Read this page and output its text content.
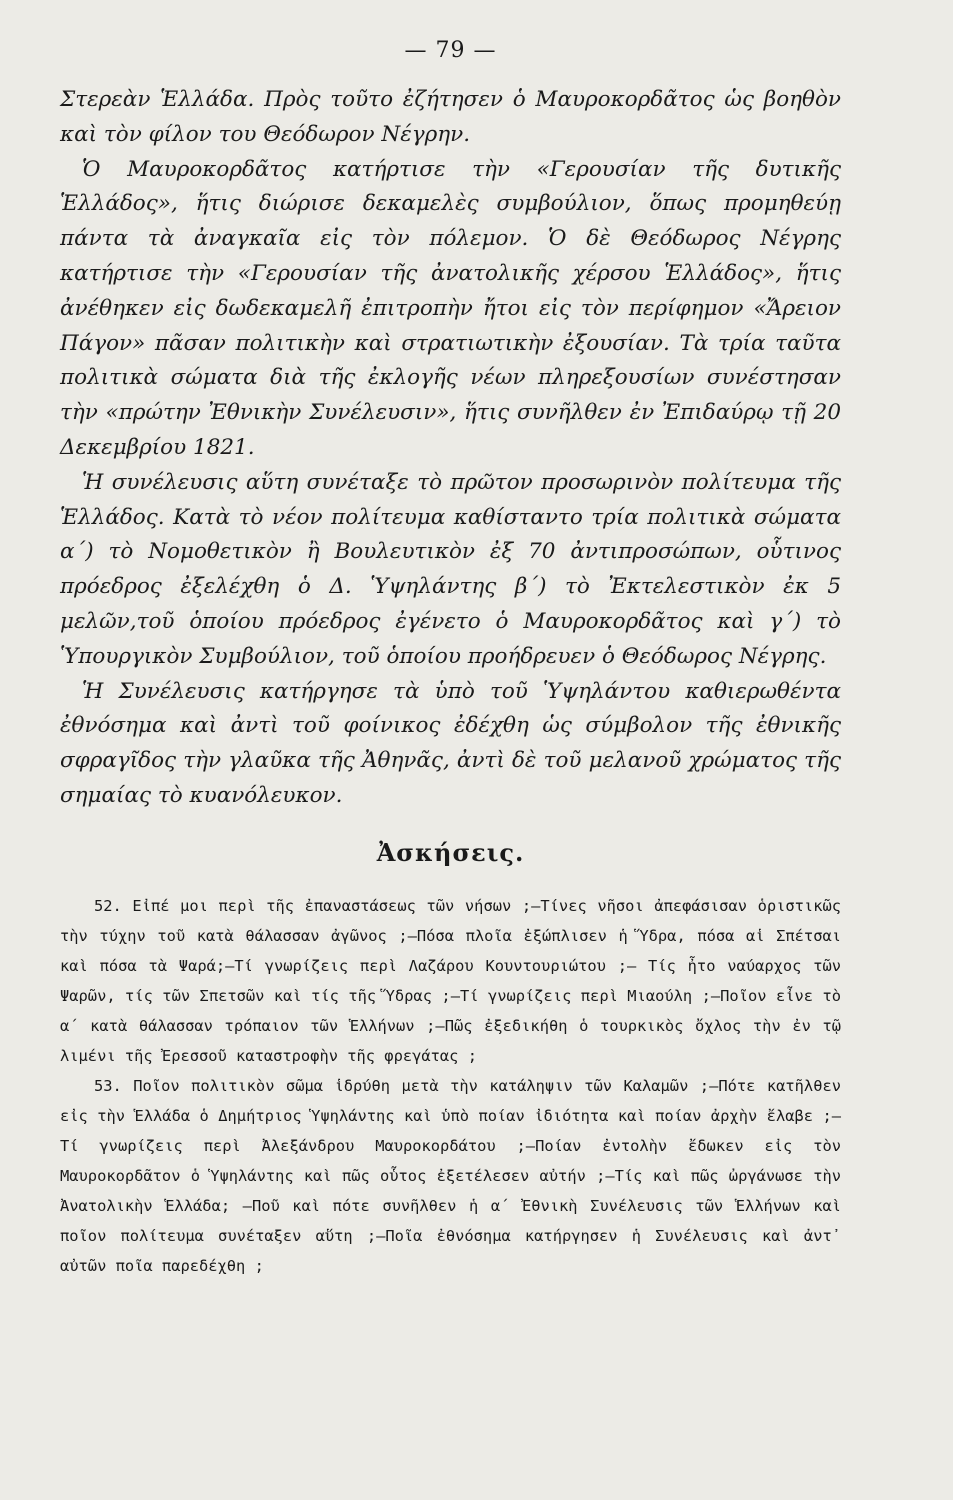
— 79 —
Στερεὰν Ἑλλάδα. Πρὸς τοῦτο ἐζήτησεν ὁ Μαυροκορδᾶτος ὡς βοηθὸν καὶ τὸν φίλον του Θεόδωρον Νέγρην.
Ὁ Μαυροκορδᾶτος κατήρτισε τὴν «Γερουσίαν τῆς δυτικῆς Ἑλλάδος», ἥτις διώρισε δεκαμελὲς συμβούλιον, ὅπως προμηθεύῃ πάντα τὰ ἀναγκαῖα εἰς τὸν πόλεμον. Ὁ δὲ Θεόδωρος Νέγρης κατήρτισε τὴν «Γερουσίαν τῆς ἀνατολικῆς χέρσου Ἑλλάδος», ἥτις ἀνέθηκεν εἰς δωδεκαμελῆ ἐπιτροπὴν ἤτοι εἰς τὸν περίφημον «Ἄρειον Πάγον» πᾶσαν πολιτικὴν καὶ στρατιωτικὴν ἐξουσίαν. Τὰ τρία ταῦτα πολιτικὰ σώματα διὰ τῆς ἐκλογῆς νέων πληρεξουσίων συνέστησαν τὴν «πρώτην Ἐθνικὴν Συνέλευσιν», ἥτις συνῆλθεν ἐν Ἐπιδαύρῳ τῇ 20 Δεκεμβρίου 1821.
Ἡ συνέλευσις αὕτη συνέταξε τὸ πρῶτον προσωρινὸν πολίτευμα τῆς Ἑλλάδος. Κατὰ τὸ νέον πολίτευμα καθίσταντο τρία πολιτικὰ σώματα α΄) τὸ Νομοθετικὸν ἢ Βουλευτικὸν ἐξ 70 ἀντιπροσώπων, οὗτινος πρόεδρος ἐξελέχθη ὁ Δ. Ὑψηλάντης β΄) τὸ Ἐκτελεστικὸν ἐκ 5 μελῶν,τοῦ ὁποίου πρόεδρος ἐγένετο ὁ Μαυροκορδᾶτος καὶ γ΄) τὸ Ὑπουργικὸν Συμβούλιον, τοῦ ὁποίου προήδρευεν ὁ Θεόδωρος Νέγρης.
Ἡ Συνέλευσις κατήργησε τὰ ὑπὸ τοῦ Ὑψηλάντου καθιερωθέντα ἐθνόσημα καὶ ἀντὶ τοῦ φοίνικος ἐδέχθη ὡς σύμβολον τῆς ἐθνικῆς σφραγῖδος τὴν γλαῦκα τῆς Ἀθηνᾶς, ἀντὶ δὲ τοῦ μελανοῦ χρώματος τῆς σημαίας τὸ κυανόλευκον.
Ἀσκήσεις.

52. Εἰπέ μοι περὶ τῆς ἐπαναστάσεως τῶν νήσων ;—Τίνες νῆσοι ἀπεφάσισαν ὁριστικῶς τὴν τύχην τοῦ κατὰ θάλασσαν ἀγῶνος ;—Πόσα πλοῖα ἐξώπλισεν ἡ Ὕδρα, πόσα αἱ Σπέτσαι καὶ πόσα τὰ Ψαρά;—Τί γνωρίζεις περὶ Λαζάρου Κουντουριώτου ;— Τίς ἦτο ναύαρχος τῶν Ψαρῶν, τίς τῶν Σπετσῶν καὶ τίς τῆς Ὕδρας ;—Τί γνωρίζεις περὶ Μιαούλη ;—Ποῖον εἶνε τὸ α΄ κατὰ θάλασσαν τρόπαιον τῶν Ἑλλήνων ;—Πῶς ἐξεδικήθη ὁ τουρκικὸς ὄχλος τὴν ἐν τῷ λιμένι τῆς Ἐρεσσοῦ καταστροφὴν τῆς φρεγάτας ;

53. Ποῖον πολιτικὸν σῶμα ἱδρύθη μετὰ τὴν κατάληψιν τῶν Καλαμῶν ;—Πότε κατῆλθεν εἰς τὴν Ἑλλάδα ὁ Δημήτριος Ὑψηλάντης καὶ ὑπὸ ποίαν ἰδιότητα καὶ ποίαν ἀρχὴν ἔλαβε ;—Τί γνωρίζεις περὶ Ἀλεξάνδρου Μαυροκορδάτου ;—Ποίαν ἐντολὴν ἔδωκεν εἰς τὸν Μαυροκορδᾶτον ὁ Ὑψηλάντης καὶ πῶς οὗτος ἐξετέλεσεν αὐτήν ;—Τίς καὶ πῶς ὠργάνωσε τὴν Ἀνατολικὴν Ἑλλάδα; —Ποῦ καὶ πότε συνῆλθεν ἡ α΄ Ἐθνικὴ Συνέλευσις τῶν Ἑλλήνων καὶ ποῖον πολίτευμα συνέταξεν αὕτη ;—Ποῖα ἐθνόσημα κατήργησεν ἡ Συνέλευσις καὶ ἀντ᾿ αὐτῶν ποῖα παρεδέχθη ;
